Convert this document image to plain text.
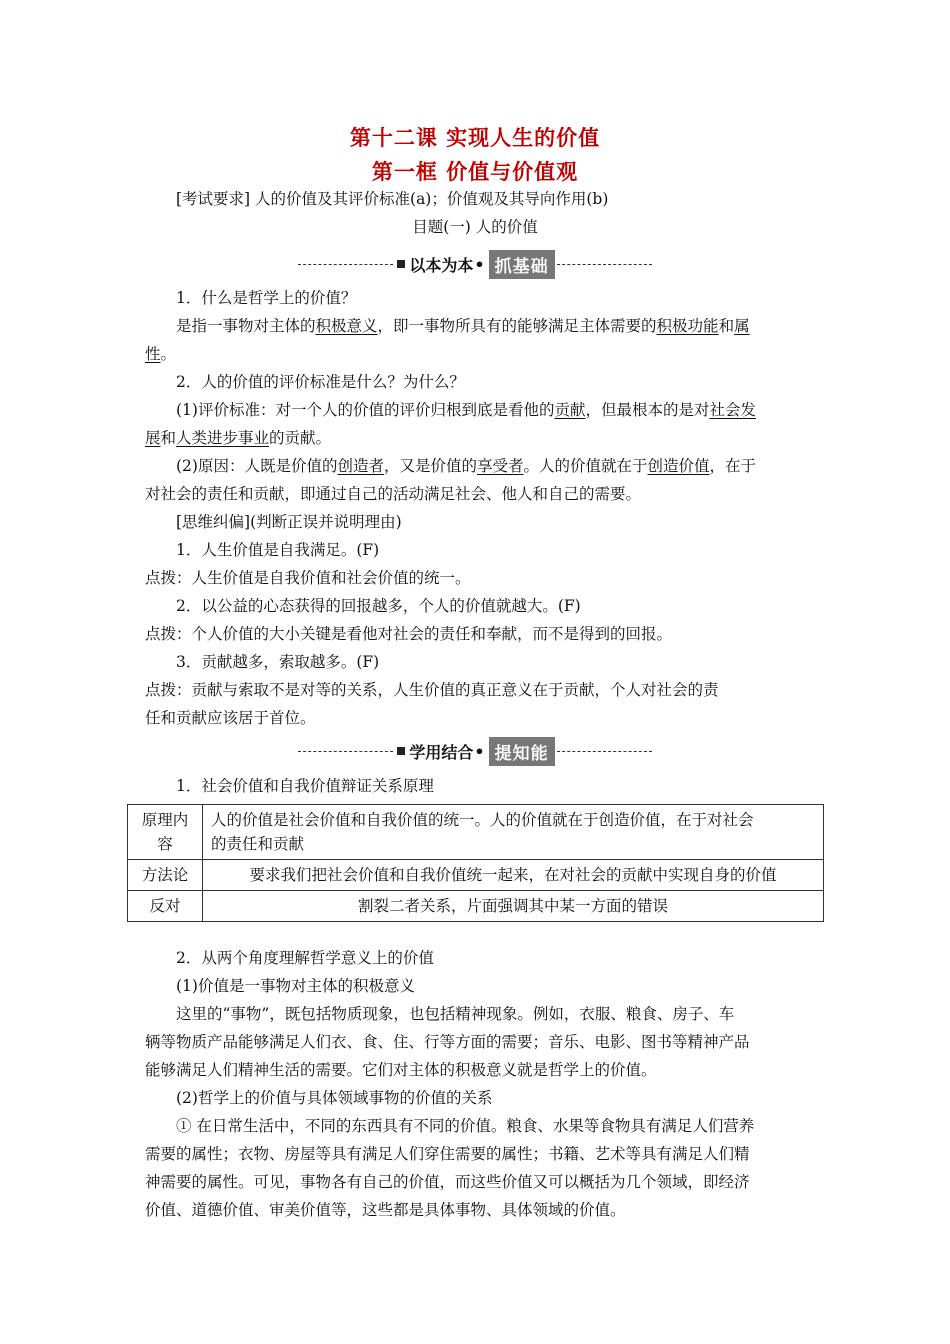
第十二课 实现人生的价值
第一框 价值与价值观
[考试要求] 人的价值及其评价标准(a)；价值观及其导向作用(b)
目题(一) 人的价值
以本为本 • 抓基础
1．什么是哲学上的价值？
是指一事物对主体的积极意义，即一事物所具有的能够满足主体需要的积极功能和属
性。
2．人的价值的评价标准是什么？为什么？
(1)评价标准：对一个人的价值的评价归根到底是看他的贡献，但最根本的是对社会发
展和人类进步事业的贡献。
(2)原因：人既是价值的创造者，又是价值的享受者。人的价值就在于创造价值，在于
对社会的责任和贡献，即通过自己的活动满足社会、他人和自己的需要。
[思维纠偏](判断正误并说明理由)
1．人生价值是自我满足。(F)
点拨：人生价值是自我价值和社会价值的统一。
2．以公益的心态获得的回报越多，个人的价值就越大。(F)
点拨：个人价值的大小关键是看他对社会的责任和奉献，而不是得到的回报。
3．贡献越多，索取越多。(F)
点拨：贡献与索取不是对等的关系，人生价值的真正意义在于贡献，个人对社会的责
任和贡献应该居于首位。
学用结合 • 提知能
1．社会价值和自我价值辩证关系原理
原理内
容	人的价值是社会价值和自我价值的统一。人的价值就在于创造价值，在于对社会
的责任和贡献
方法论	要求我们把社会价值和自我价值统一起来，在对社会的贡献中实现自身的价值
反对	割裂二者关系，片面强调其中某一方面的错误
2．从两个角度理解哲学意义上的价值
(1)价值是一事物对主体的积极意义
这里的“事物”，既包括物质现象，也包括精神现象。例如，衣服、粮食、房子、车
辆等物质产品能够满足人们衣、食、住、行等方面的需要；音乐、电影、图书等精神产品
能够满足人们精神生活的需要。它们对主体的积极意义就是哲学上的价值。
(2)哲学上的价值与具体领域事物的价值的关系
① 在日常生活中，不同的东西具有不同的价值。粮食、水果等食物具有满足人们营养
需要的属性；衣物、房屋等具有满足人们穿住需要的属性；书籍、艺术等具有满足人们精
神需要的属性。可见，事物各有自己的价值，而这些价值又可以概括为几个领域，即经济
价值、道德价值、审美价值等，这些都是具体事物、具体领域的价值。
